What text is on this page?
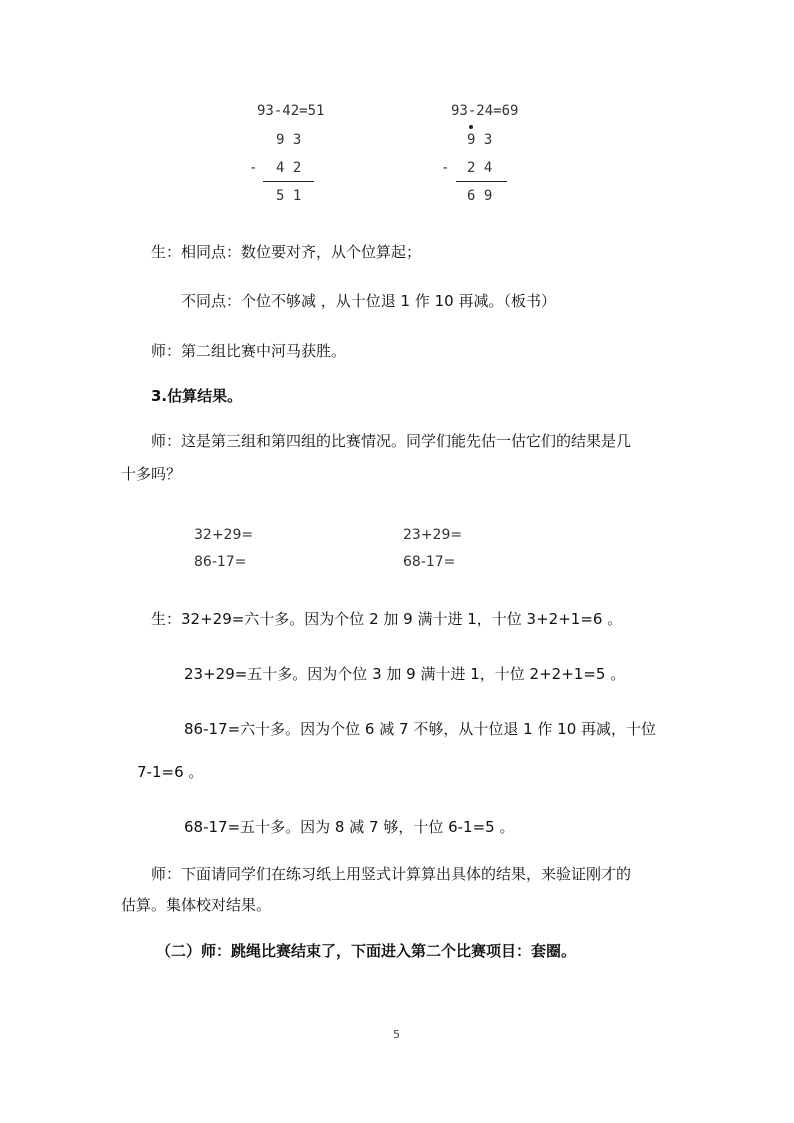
93-42=51
9 3
- 4 2
5 1
93-24=69
9 3
- 2 4
6 9
生：相同点：数位要对齐，从个位算起；
不同点：个位不够减 ，从十位退 1 作 10 再减。（板书）
师：第二组比赛中河马获胜。
3.估算结果。
师：这是第三组和第四组的比赛情况。同学们能先估一估它们的结果是几
十多吗？
32+29=
86-17=
23+29=
68-17=
生：32+29=六十多。因为个位 2 加 9 满十进 1，十位 3+2+1=6 。
23+29=五十多。因为个位 3 加 9 满十进 1，十位 2+2+1=5 。
86-17=六十多。因为个位 6 减 7 不够，从十位退 1 作 10 再减，十位
7-1=6 。
68-17=五十多。因为 8 减 7 够，十位 6-1=5 。
师：下面请同学们在练习纸上用竖式计算算出具体的结果，来验证刚才的
估算。集体校对结果。
（二）师：跳绳比赛结束了，下面进入第二个比赛项目：套圈。
5
